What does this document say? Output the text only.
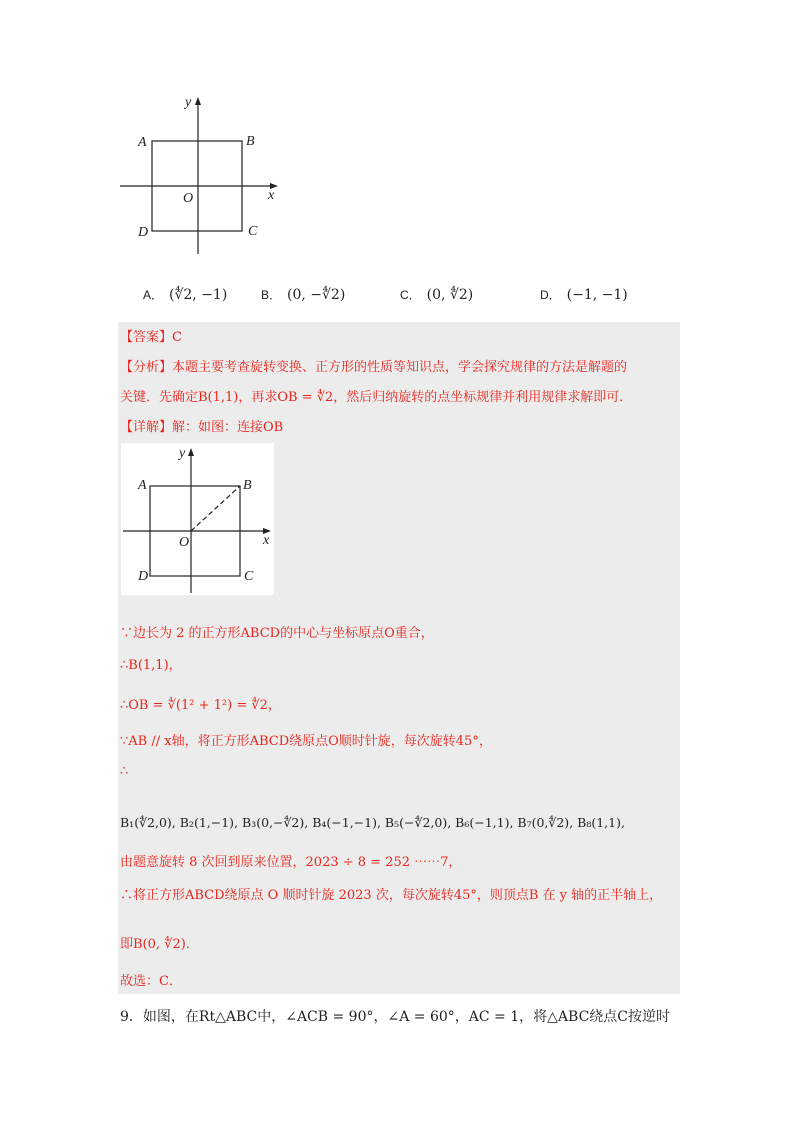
y
x
O
A	B
C
D
A． (∜2, −1)	B． (0, −∜2)	C． (0, ∜2)	D． (−1, −1)
【答案】C
【分析】本题主要考查旋转变换、正方形的性质等知识点，学会探究规律的方法是解题的
关键．先确定B(1,1)，再求OB = ∜2，然后归纳旋转的点坐标规律并利用规律求解即可．
【详解】解：如图：连接OB
y
x
O
A	B
C
D
∵边长为 2 的正方形ABCD的中心与坐标原点O重合，
∴B(1,1)，
∴OB = ∜(1² + 1²) = ∜2，
∵AB // x轴，将正方形ABCD绕原点O顺时针旋，每次旋转45°，
∴
B₁(∜2,0), B₂(1,−1), B₃(0,−∜2), B₄(−1,−1), B₅(−∜2,0), B₆(−1,1), B₇(0,∜2), B₈(1,1),
由题意旋转 8 次回到原来位置，2023 ÷ 8 = 252 ⋯⋯7，
∴将正方形ABCD绕原点 O 顺时针旋 2023 次，每次旋转45°，则顶点B 在 y 轴的正半轴上，
即B(0, ∜2)．
故选：C．
9．如图，在Rt△ABC中，∠ACB = 90°，∠A = 60°，AC = 1，将△ABC绕点C按逆时
